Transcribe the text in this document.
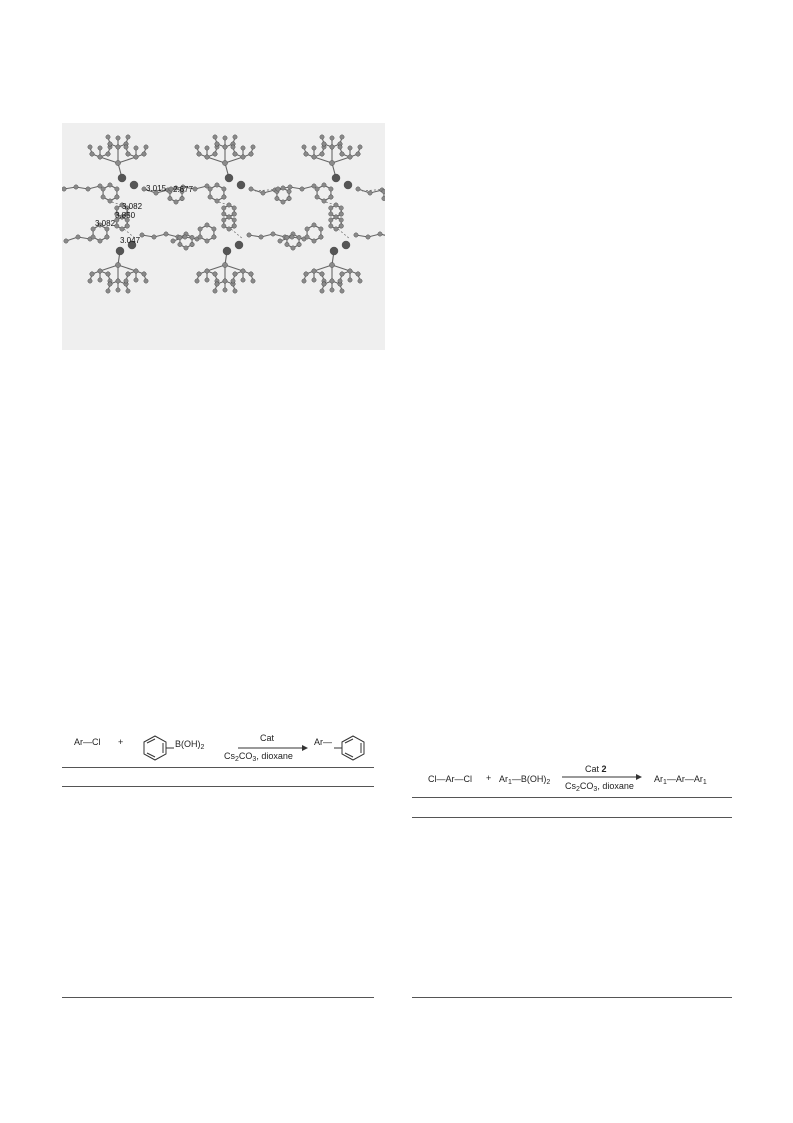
3.015 2.677
3.082
3.850
3.082
3.047
Ar—Cl +	$B(OH)_2$
Cat
$Cs_2CO_3$, dioxane
Ar—
Cl—Ar—Cl + $Ar_1—B(OH)_2$
Cat 2
$Cs_2CO_3$, dioxane
$Ar_1—Ar—Ar_1$
